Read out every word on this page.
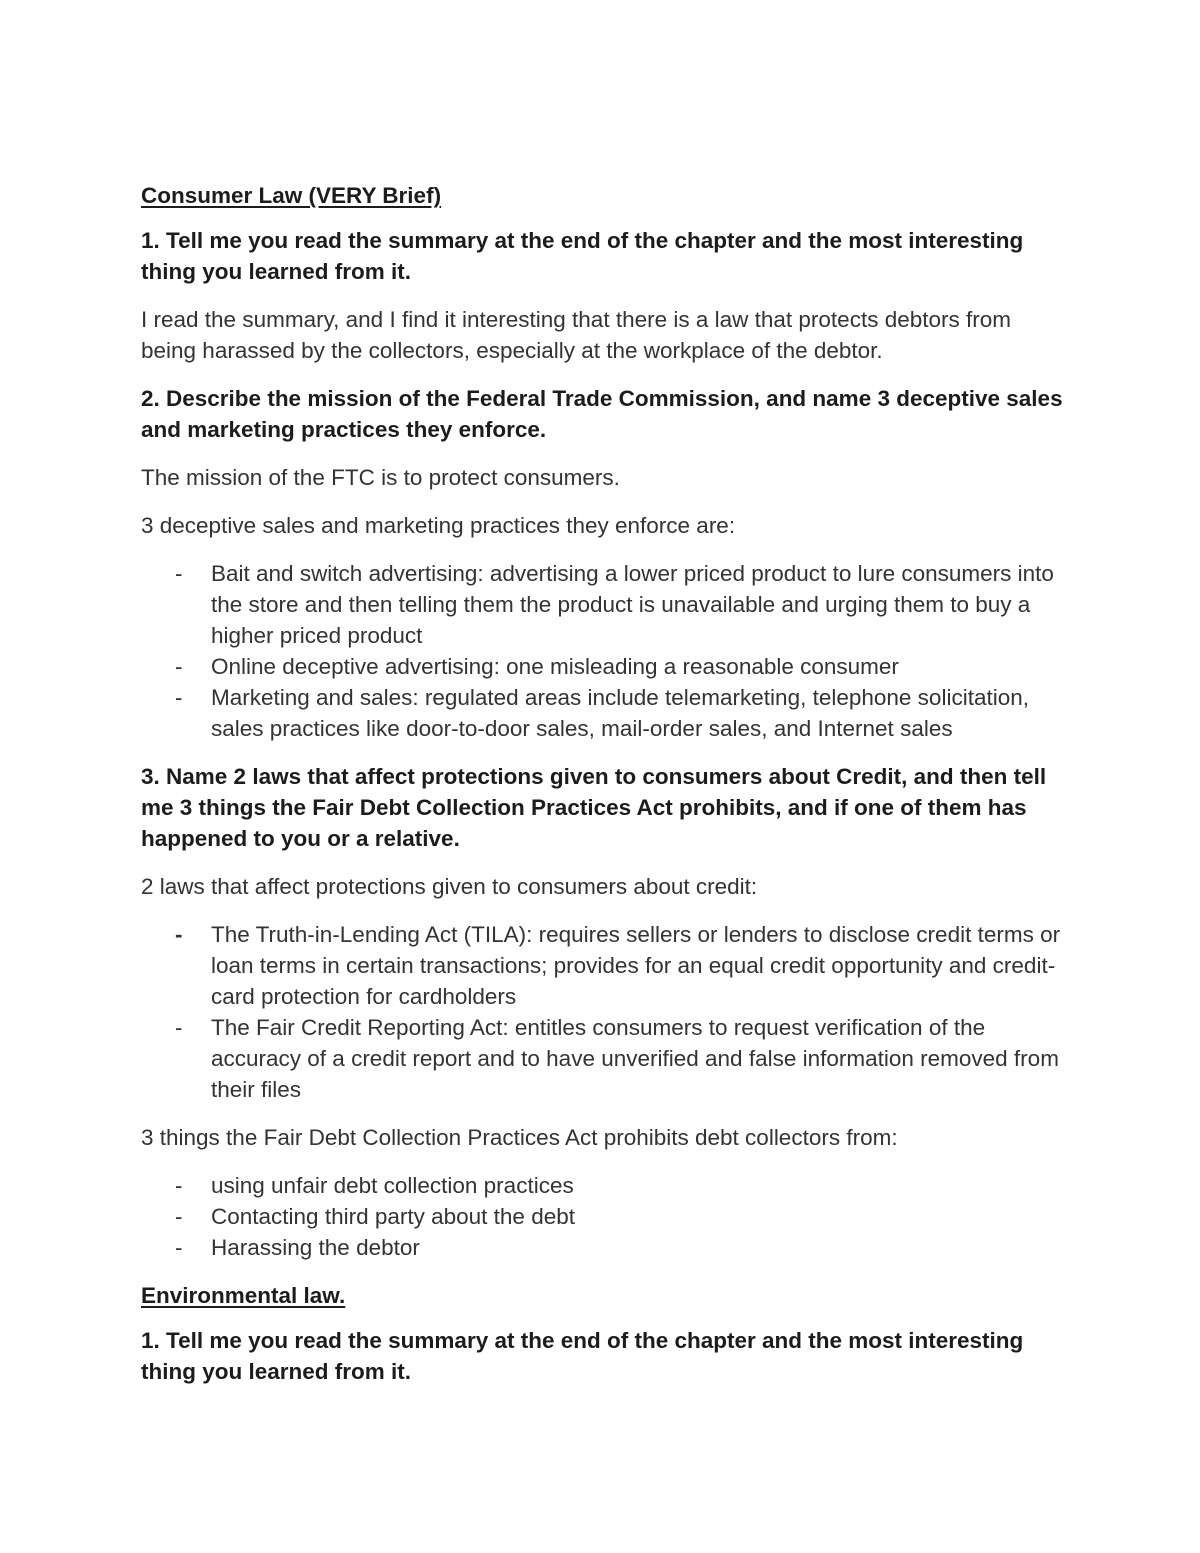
Consumer Law (VERY Brief)
1. Tell me you read the summary at the end of the chapter and the most interesting thing you learned from it.
I read the summary, and I find it interesting that there is a law that protects debtors from being harassed by the collectors, especially at the workplace of the debtor.
2. Describe the mission of the Federal Trade Commission, and name 3 deceptive sales and marketing practices they enforce.
The mission of the FTC is to protect consumers.
3 deceptive sales and marketing practices they enforce are:
- Bait and switch advertising: advertising a lower priced product to lure consumers into the store and then telling them the product is unavailable and urging them to buy a higher priced product
- Online deceptive advertising: one misleading a reasonable consumer
- Marketing and sales: regulated areas include telemarketing, telephone solicitation, sales practices like door-to-door sales, mail-order sales, and Internet sales
3. Name 2 laws that affect protections given to consumers about Credit, and then tell me 3 things the Fair Debt Collection Practices Act prohibits, and if one of them has happened to you or a relative.
2 laws that affect protections given to consumers about credit:
- The Truth-in-Lending Act (TILA): requires sellers or lenders to disclose credit terms or loan terms in certain transactions; provides for an equal credit opportunity and credit-card protection for cardholders
- The Fair Credit Reporting Act: entitles consumers to request verification of the accuracy of a credit report and to have unverified and false information removed from their files
3 things the Fair Debt Collection Practices Act prohibits debt collectors from:
- using unfair debt collection practices
- Contacting third party about the debt
- Harassing the debtor
Environmental law.
1. Tell me you read the summary at the end of the chapter and the most interesting thing you learned from it.
